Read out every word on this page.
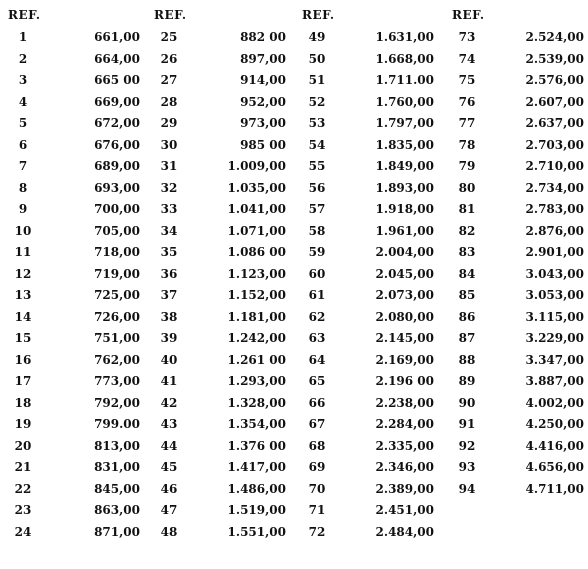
REF.
1	661,00
2	664,00
3	665 00
4	669,00
5	672,00
6	676,00
7	689,00
8	693,00
9	700,00
10	705,00
11	718,00
12	719,00
13	725,00
14	726,00
15	751,00
16	762,00
17	773,00
18	792,00
19	799.00
20	813,00
21	831,00
22	845,00
23	863,00
24	871,00
REF.
25	882 00
26	897,00
27	914,00
28	952,00
29	973,00
30	985 00
31	1.009,00
32	1.035,00
33	1.041,00
34	1.071,00
35	1.086 00
36	1.123,00
37	1.152,00
38	1.181,00
39	1.242,00
40	1.261 00
41	1.293,00
42	1.328,00
43	1.354,00
44	1.376 00
45	1.417,00
46	1.486,00
47	1.519,00
48	1.551,00
REF.
49	1.631,00
50	1.668,00
51	1.711.00
52	1.760,00
53	1.797,00
54	1.835,00
55	1.849,00
56	1.893,00
57	1.918,00
58	1.961,00
59	2.004,00
60	2.045,00
61	2.073,00
62	2.080,00
63	2.145,00
64	2.169,00
65	2.196 00
66	2.238,00
67	2.284,00
68	2.335,00
69	2.346,00
70	2.389,00
71	2.451,00
72	2.484,00
REF.
73	2.524,00
74	2.539,00
75	2.576,00
76	2.607,00
77	2.637,00
78	2.703,00
79	2.710,00
80	2.734,00
81	2.783,00
82	2.876,00
83	2.901,00
84	3.043,00
85	3.053,00
86	3.115,00
87	3.229,00
88	3.347,00
89	3.887,00
90	4.002,00
91	4.250,00
92	4.416,00
93	4.656,00
94	4.711,00
